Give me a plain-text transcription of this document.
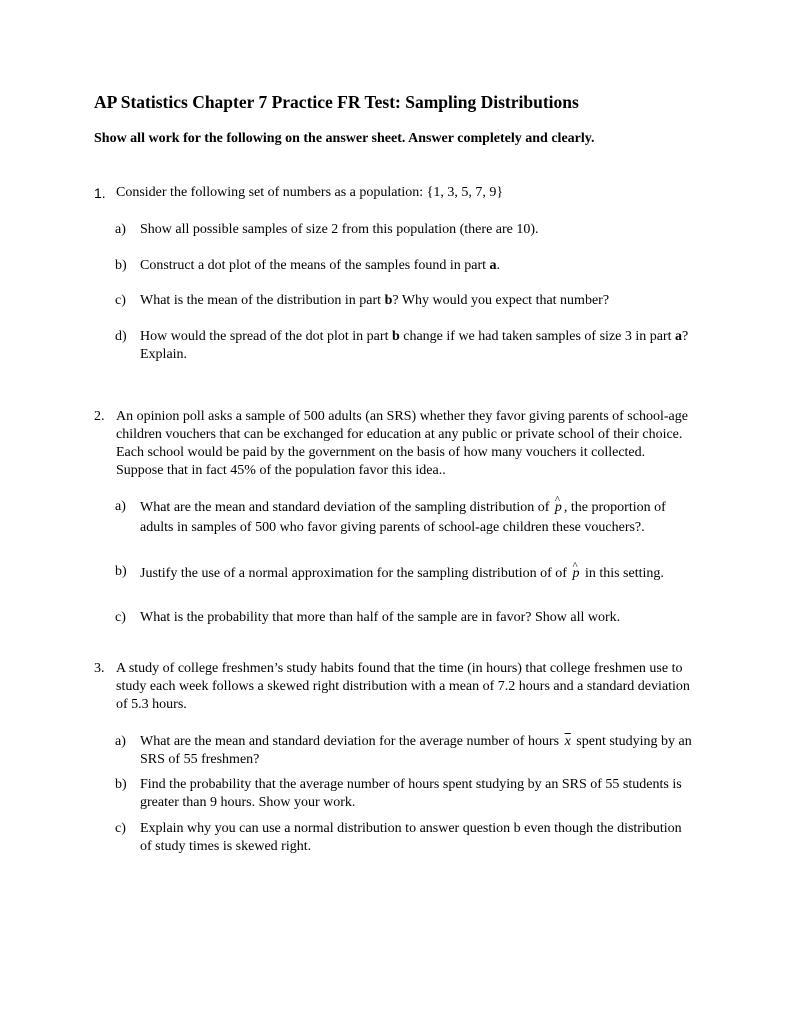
AP Statistics Chapter 7 Practice FR Test: Sampling Distributions
Show all work for the following on the answer sheet. Answer completely and clearly.
1. Consider the following set of numbers as a population: {1, 3, 5, 7, 9}
a) Show all possible samples of size 2 from this population (there are 10).
b) Construct a dot plot of the means of the samples found in part a.
c) What is the mean of the distribution in part b? Why would you expect that number?
d) How would the spread of the dot plot in part b change if we had taken samples of size 3 in part a? Explain.
2. An opinion poll asks a sample of 500 adults (an SRS) whether they favor giving parents of school-age children vouchers that can be exchanged for education at any public or private school of their choice. Each school would be paid by the government on the basis of how many vouchers it collected. Suppose that in fact 45% of the population favor this idea..
a) What are the mean and standard deviation of the sampling distribution of ^ p , the proportion of adults in samples of 500 who favor giving parents of school-age children these vouchers?.
b) Justify the use of a normal approximation for the sampling distribution of of ^ p in this setting.
c) What is the probability that more than half of the sample are in favor? Show all work.
3. A study of college freshmen’s study habits found that the time (in hours) that college freshmen use to study each week follows a skewed right distribution with a mean of 7.2 hours and a standard deviation of 5.3 hours.
a) What are the mean and standard deviation for the average number of hours $\overline{x}$ spent studying by an SRS of 55 freshmen?
b) Find the probability that the average number of hours spent studying by an SRS of 55 students is greater than 9 hours. Show your work.
c) Explain why you can use a normal distribution to answer question b even though the distribution of study times is skewed right.
